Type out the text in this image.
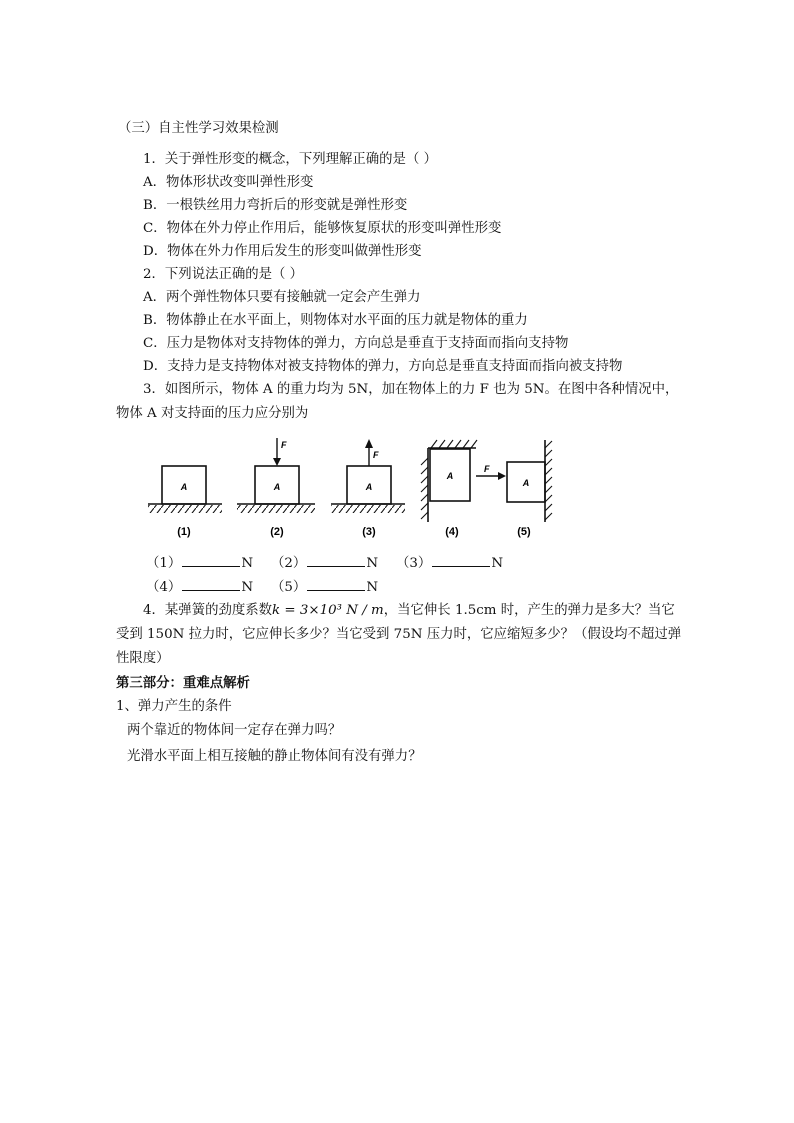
（三）自主性学习效果检测
1．关于弹性形变的概念，下列理解正确的是（ ）
A．物体形状改变叫弹性形变
B．一根铁丝用力弯折后的形变就是弹性形变
C．物体在外力停止作用后，能够恢复原状的形变叫弹性形变
D．物体在外力作用后发生的形变叫做弹性形变
2．下列说法正确的是（ ）
A．两个弹性物体只要有接触就一定会产生弹力
B．物体静止在水平面上，则物体对水平面的压力就是物体的重力
C．压力是物体对支持物体的弹力，方向总是垂直于支持面而指向支持物
D．支持力是支持物体对被支持物体的弹力，方向总是垂直支持面而指向被支持物
3．如图所示，物体 A 的重力均为 5N，加在物体上的力 F 也为 5N。在图中各种情况中，
物体 A 对支持面的压力应分别为
A
(1)
A
F
(2)
A
F
(3)
A
(4)
F
A
(5)
（1）	N （2）	N （3）	N
（4）	N （5）	N
4．某弹簧的劲度系数k = 3×10³ N / m，当它伸长 1.5cm 时，产生的弹力是多大？当它
受到 150N 拉力时，它应伸长多少？当它受到 75N 压力时，它应缩短多少？（假设均不超过弹
性限度）
第三部分：重难点解析
1、弹力产生的条件
两个靠近的物体间一定存在弹力吗？
光滑水平面上相互接触的静止物体间有没有弹力？
